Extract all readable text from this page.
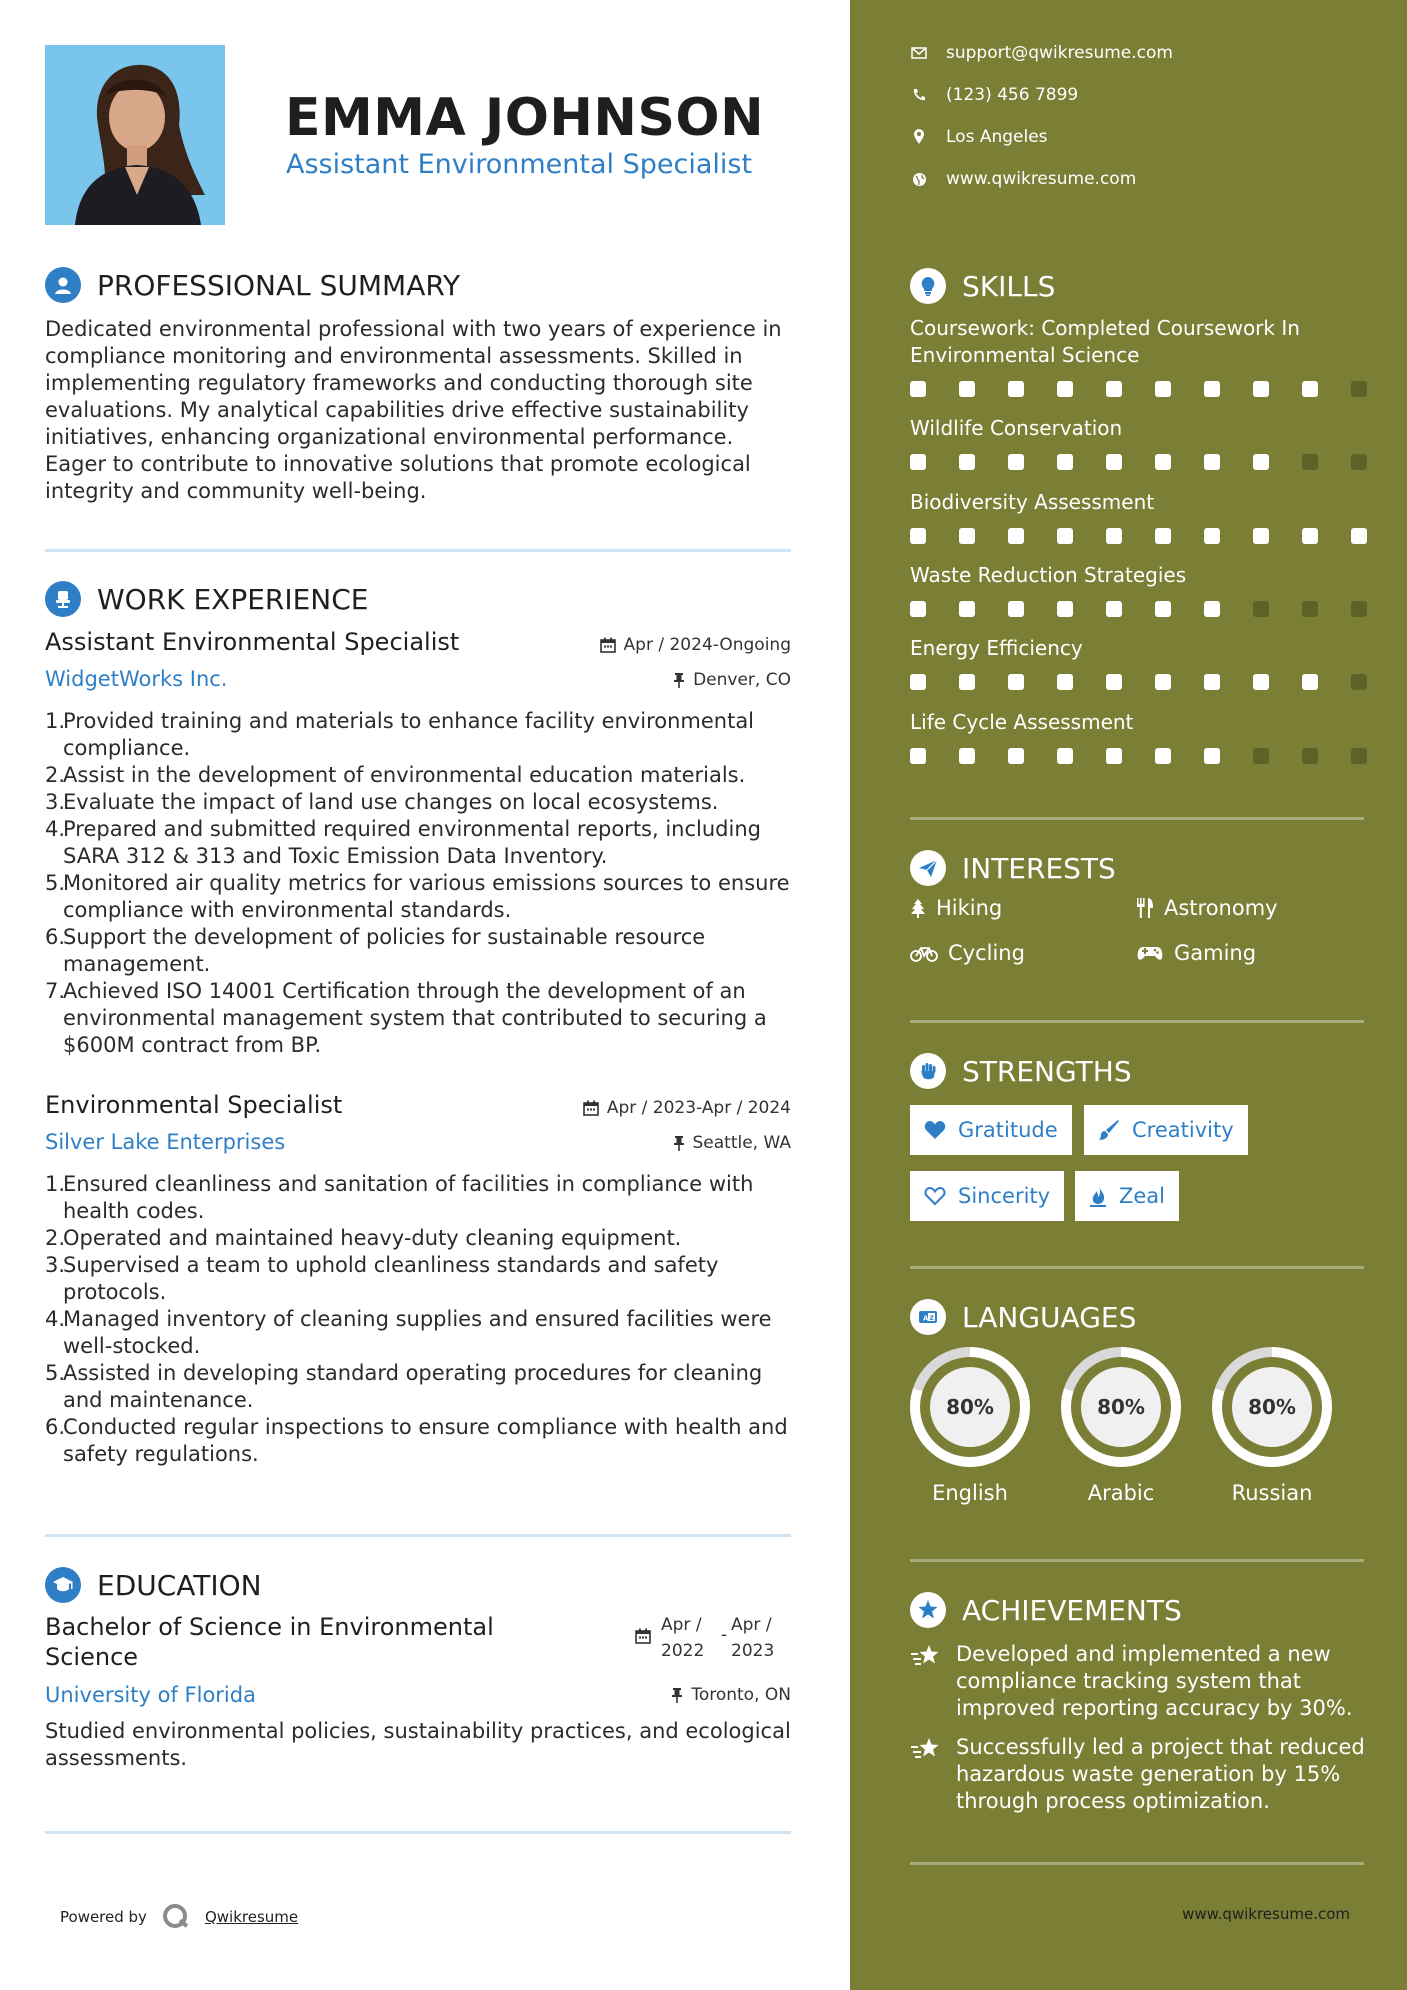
EMMA JOHNSON
Assistant Environmental Specialist
PROFESSIONAL SUMMARY
Dedicated environmental professional with two years of experience in compliance monitoring and environmental assessments. Skilled in implementing regulatory frameworks and conducting thorough site evaluations. My analytical capabilities drive effective sustainability initiatives, enhancing organizational environmental performance. Eager to contribute to innovative solutions that promote ecological integrity and community well-being.
WORK EXPERIENCE
Assistant Environmental Specialist	Apr / 2024-Ongoing
WidgetWorks Inc.	Denver, CO
1.
Provided training and materials to enhance facility environmental compliance.
2.
Assist in the development of environmental education materials.
3.
Evaluate the impact of land use changes on local ecosystems.
4.
Prepared and submitted required environmental reports, including SARA 312 & 313 and Toxic Emission Data Inventory.
5.
Monitored air quality metrics for various emissions sources to ensure compliance with environmental standards.
6.
Support the development of policies for sustainable resource management.
7.
Achieved ISO 14001 Certification through the development of an environmental management system that contributed to securing a $600M contract from BP.
Environmental Specialist	Apr / 2023-Apr / 2024
Silver Lake Enterprises	Seattle, WA
1.
Ensured cleanliness and sanitation of facilities in compliance with health codes.
2.
Operated and maintained heavy-duty cleaning equipment.
3.
Supervised a team to uphold cleanliness standards and safety protocols.
4.
Managed inventory of cleaning supplies and ensured facilities were well-stocked.
5.
Assisted in developing standard operating procedures for cleaning and maintenance.
6.
Conducted regular inspections to ensure compliance with health and safety regulations.
EDUCATION
Bachelor of Science in Environmental Science
Apr /
2022
- Apr /
2023
University of Florida	Toronto, ON
Studied environmental policies, sustainability practices, and ecological assessments.
Powered by	Qwikresume
support@qwikresume.com
(123) 456 7899
Los Angeles
www.qwikresume.com
SKILLS
Coursework: Completed Coursework In Environmental Science
Wildlife Conservation
Biodiversity Assessment
Waste Reduction Strategies
Energy Efficiency
Life Cycle Assessment
INTERESTS
Hiking	Astronomy
Cycling	Gaming
STRENGTHS
Gratitude	Creativity
Sincerity	Zeal
A Z LANGUAGES
80%
English
80%
Arabic
80%
Russian
ACHIEVEMENTS
Developed and implemented a new compliance tracking system that improved reporting accuracy by 30%.
Successfully led a project that reduced hazardous waste generation by 15% through process optimization.
www.qwikresume.com
